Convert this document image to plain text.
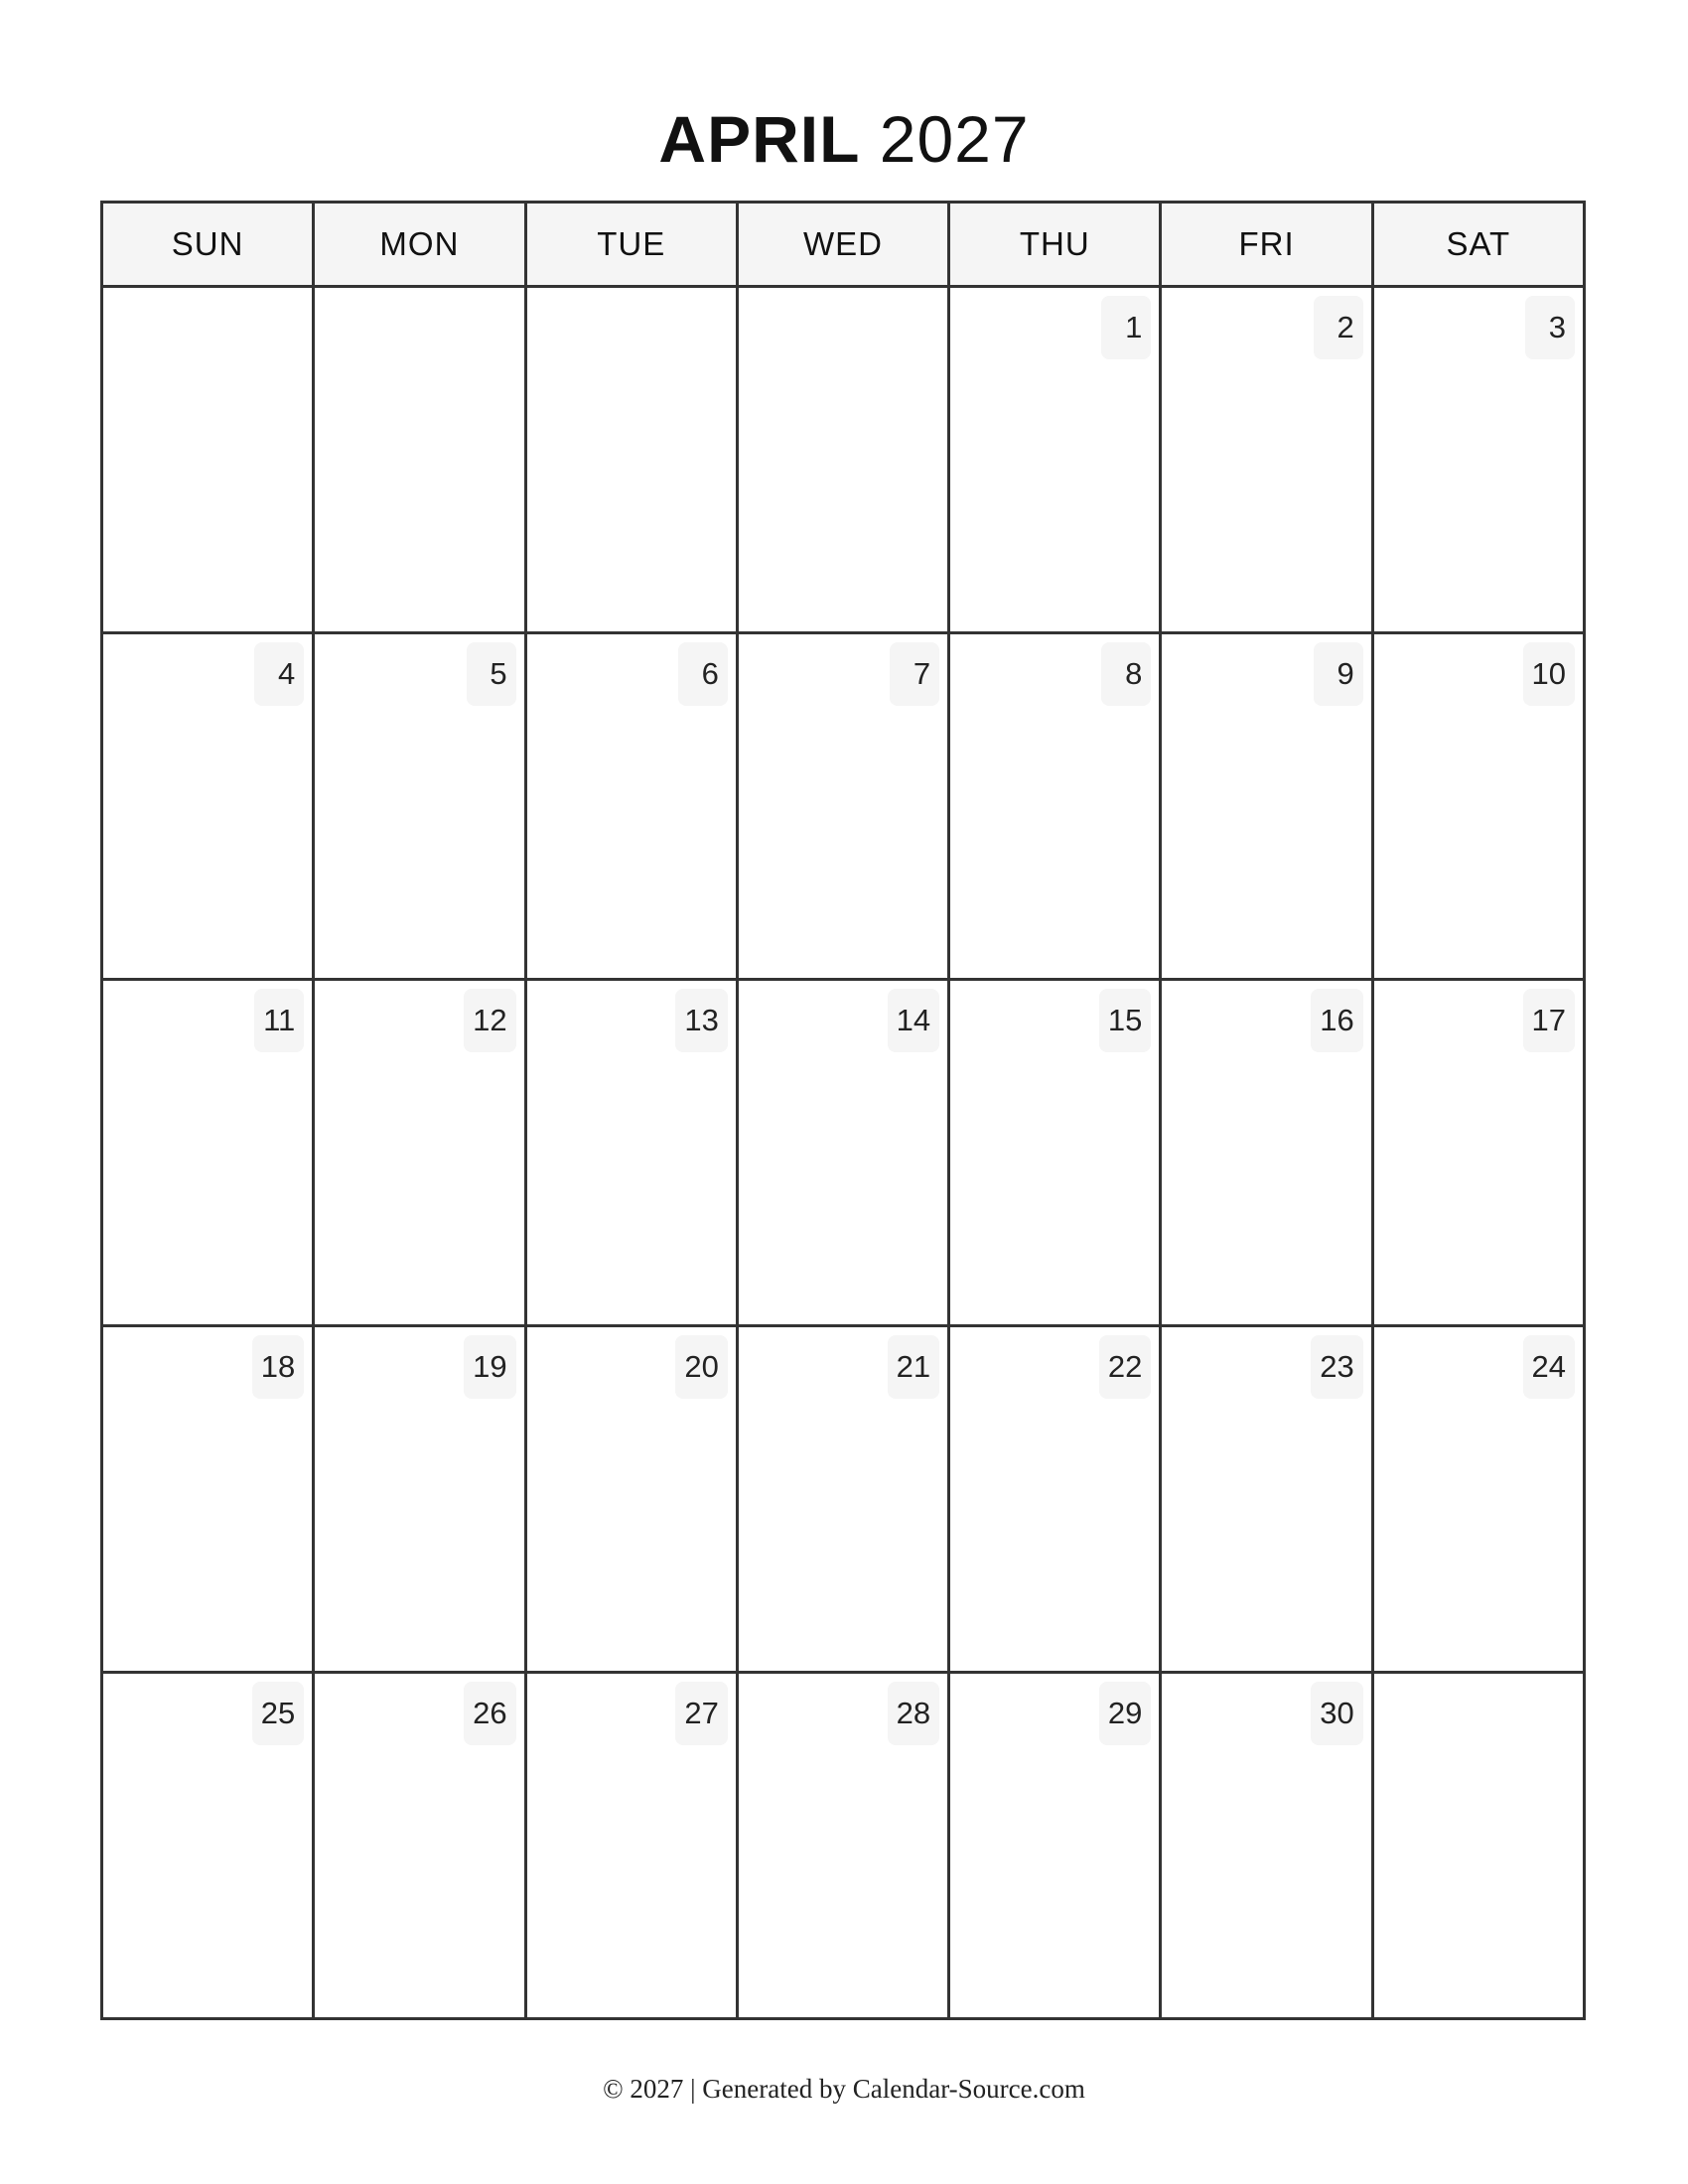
APRIL 2027
SUN	MON	TUE	WED	THU	FRI	SAT

				1	2	3

4	5	6	7	8	9	10

11	12	13	14	15	16	17

18	19	20	21	22	23	24

25	26	27	28	29	30	

© 2027 | Generated by Calendar-Source.com
